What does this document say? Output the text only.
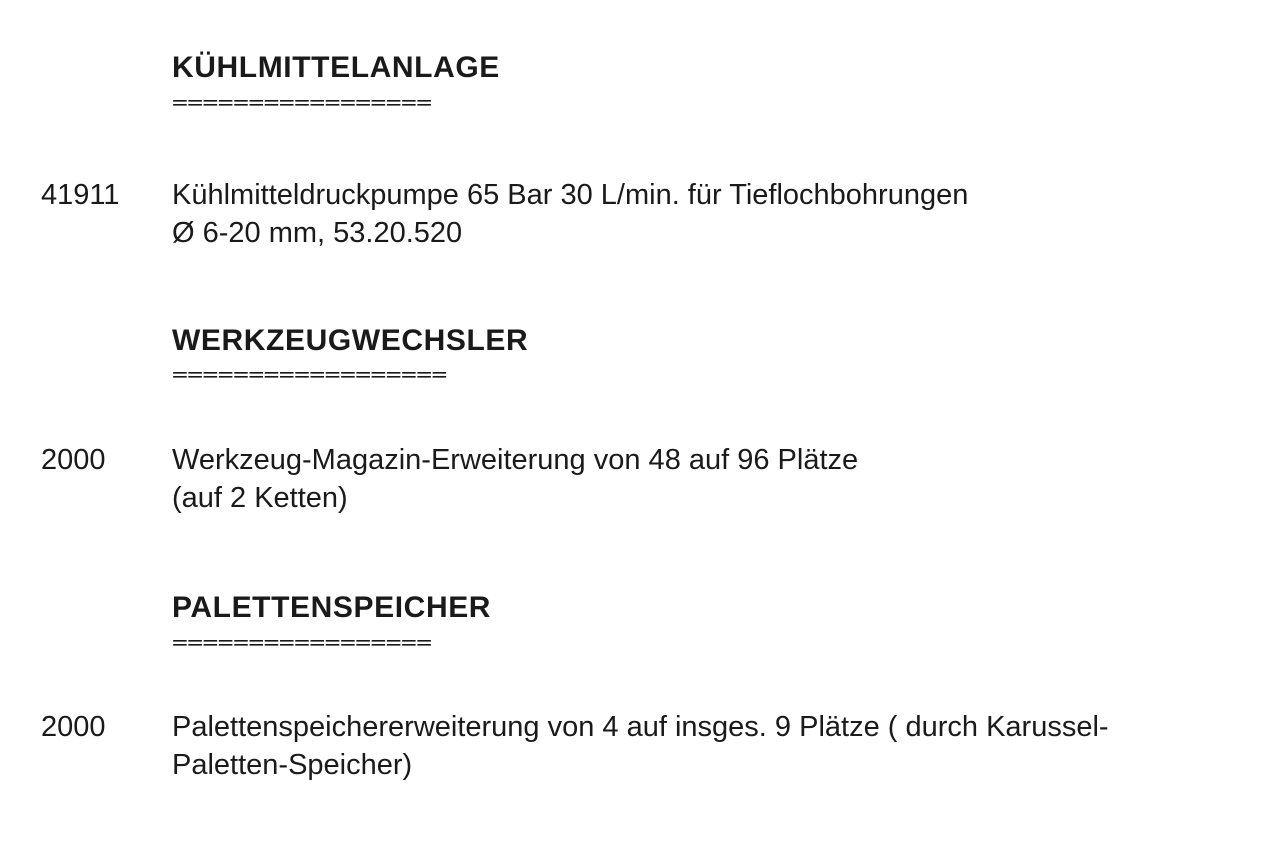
KÜHLMITTELANLAGE
=================
41911 Kühlmitteldruckpumpe 65 Bar 30 L/min. für Tieflochbohrungen
Ø 6-20 mm, 53.20.520
WERKZEUGWECHSLER
==================
2000 Werkzeug-Magazin-Erweiterung von 48 auf 96 Plätze
(auf 2 Ketten)
PALETTENSPEICHER
=================
2000 Palettenspeichererweiterung von 4 auf insges. 9 Plätze ( durch Karussel-
Paletten-Speicher)
